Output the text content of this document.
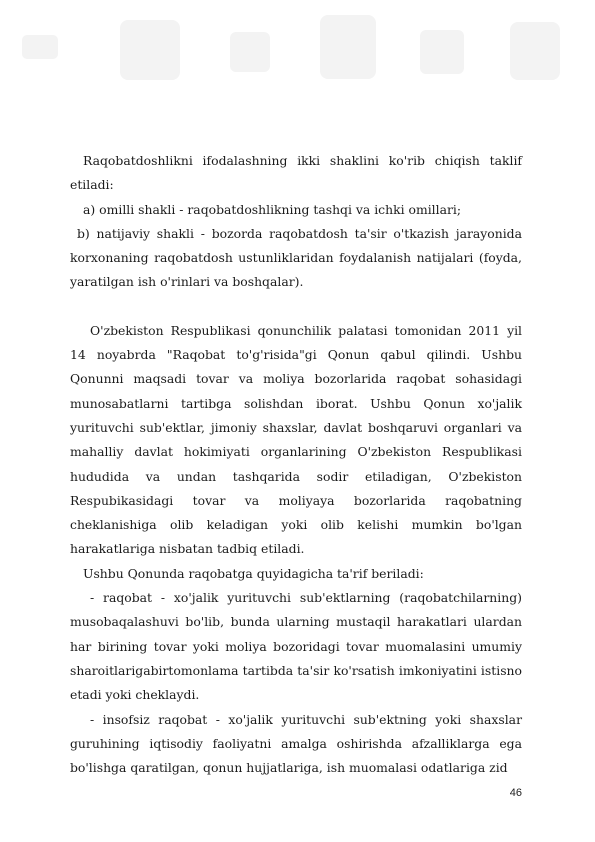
Raqobatdoshlikni ifodalashning ikki shaklini ko'rib chiqish taklif etiladi:

a) omilli shakli - raqobatdoshlikning tashqi va ichki omillari;

b) natijaviy shakli - bozorda raqobatdosh ta'sir o'tkazish jarayonida korxonaning raqobatdosh ustunliklaridan foydalanish natijalari (foyda, yaratilgan ish o'rinlari va boshqalar).

O'zbekiston Respublikasi qonunchilik palatasi tomonidan 2011 yil 14 noyabrda "Raqobat to'g'risida"gi Qonun qabul qilindi. Ushbu Qonunni maqsadi tovar va moliya bozorlarida raqobat sohasidagi munosabatlarni tartibga solishdan iborat. Ushbu Qonun xo'jalik yurituvchi sub'ektlar, jimoniy shaxslar, davlat boshqaruvi organlari va mahalliy davlat hokimiyati organlarining O'zbekiston Respublikasi hududida va undan tashqarida sodir etiladigan, O'zbekiston Respubikasidagi tovar va moliyaya bozorlarida raqobatning cheklanishiga olib keladigan yoki olib kelishi mumkin bo'lgan harakatlariga nisbatan tadbiq etiladi.

Ushbu Qonunda raqobatga quyidagicha ta'rif beriladi:

- raqobat - xo'jalik yurituvchi sub'ektlarning (raqobatchilarning) musobaqalashuvi bo'lib, bunda ularning mustaqil harakatlari ulardan har birining tovar yoki moliya bozoridagi tovar muomalasini umumiy sharoitlarigabirtomonlama tartibda ta'sir ko'rsatish imkoniyatini istisno etadi yoki cheklaydi.

- insofsiz raqobat - xo'jalik yurituvchi sub'ektning yoki shaxslar guruhining iqtisodiy faoliyatni amalga oshirishda afzalliklarga ega bo'lishga qaratilgan, qonun hujjatlariga, ish muomalasi odatlariga zid

46
